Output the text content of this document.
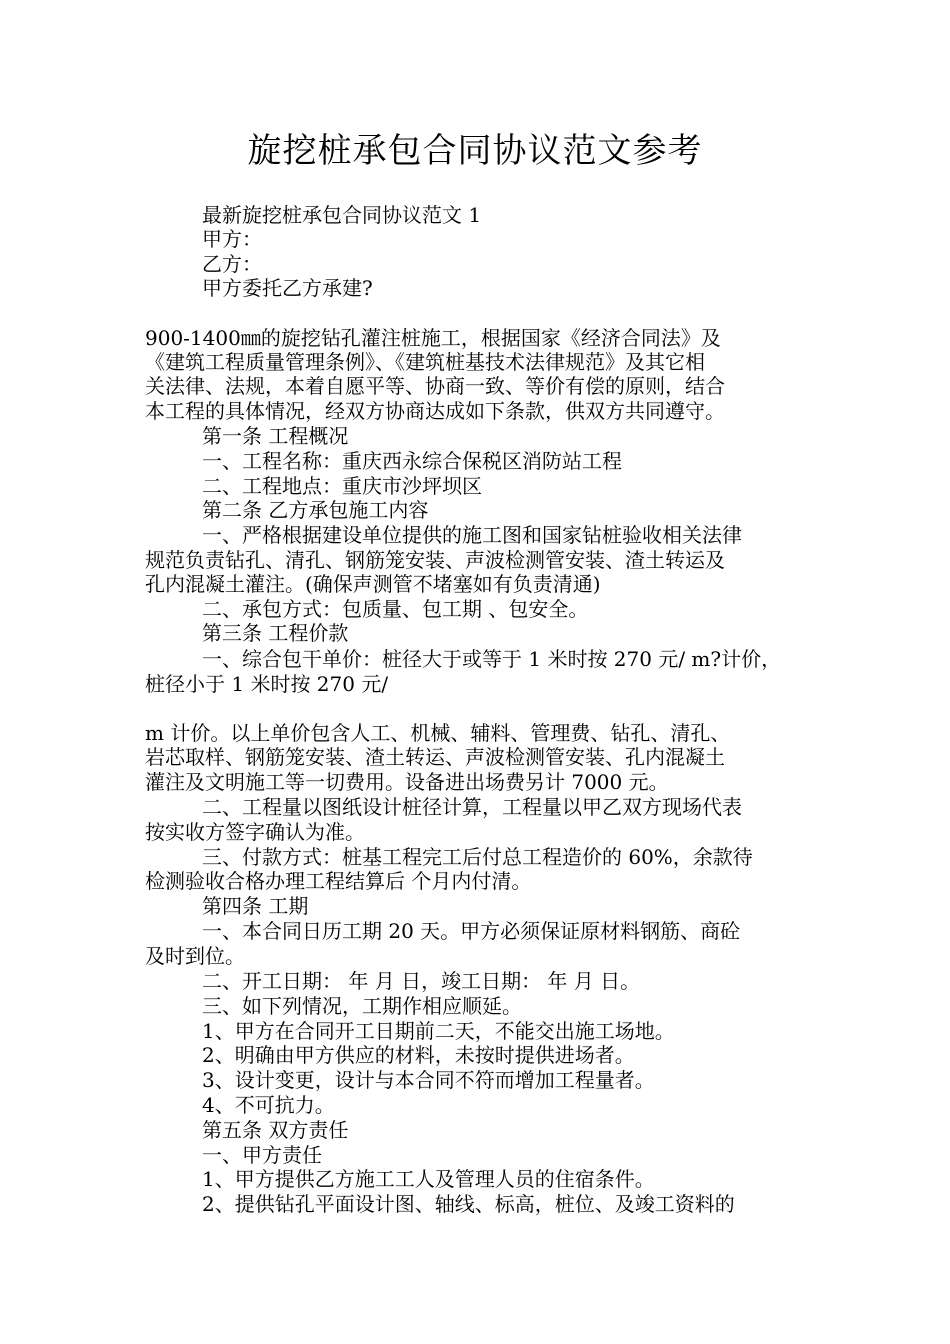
旋挖桩承包合同协议范文参考
最新旋挖桩承包合同协议范文 1
甲方：
乙方：
甲方委托乙方承建?
900-1400㎜的旋挖钻孔灌注桩施工，根据国家《经济合同法》及
《建筑工程质量管理条例》、《建筑桩基技术法律规范》及其它相
关法律、法规，本着自愿平等、协商一致、等价有偿的原则，结合
本工程的具体情况，经双方协商达成如下条款，供双方共同遵守。
第一条 工程概况
一、工程名称：重庆西永综合保税区消防站工程
二、工程地点：重庆市沙坪坝区
第二条 乙方承包施工内容
一、严格根据建设单位提供的施工图和国家钻桩验收相关法律
规范负责钻孔、清孔、钢筋笼安装、声波检测管安装、渣土转运及
孔内混凝土灌注。(确保声测管不堵塞如有负责清通)
二、承包方式：包质量、包工期 、包安全。
第三条 工程价款
一、综合包干单价：桩径大于或等于 1 米时按 270 元/ m?计价，
桩径小于 1 米时按 270 元/
m 计价。以上单价包含人工、机械、辅料、管理费、钻孔、清孔、
岩芯取样、钢筋笼安装、渣土转运、声波检测管安装、孔内混凝土
灌注及文明施工等一切费用。设备进出场费另计 7000 元。
二、工程量以图纸设计桩径计算，工程量以甲乙双方现场代表
按实收方签字确认为准。
三、付款方式：桩基工程完工后付总工程造价的 60%，余款待
检测验收合格办理工程结算后 个月内付清。
第四条 工期
一、本合同日历工期 20 天。甲方必须保证原材料钢筋、商砼
及时到位。
二、开工日期： 年 月 日，竣工日期： 年 月 日。
三、如下列情况，工期作相应顺延。
1、甲方在合同开工日期前二天，不能交出施工场地。
2、明确由甲方供应的材料，未按时提供进场者。
3、设计变更，设计与本合同不符而增加工程量者。
4、不可抗力。
第五条 双方责任
一、甲方责任
1、甲方提供乙方施工工人及管理人员的住宿条件。
2、提供钻孔平面设计图、轴线、标高，桩位、及竣工资料的
